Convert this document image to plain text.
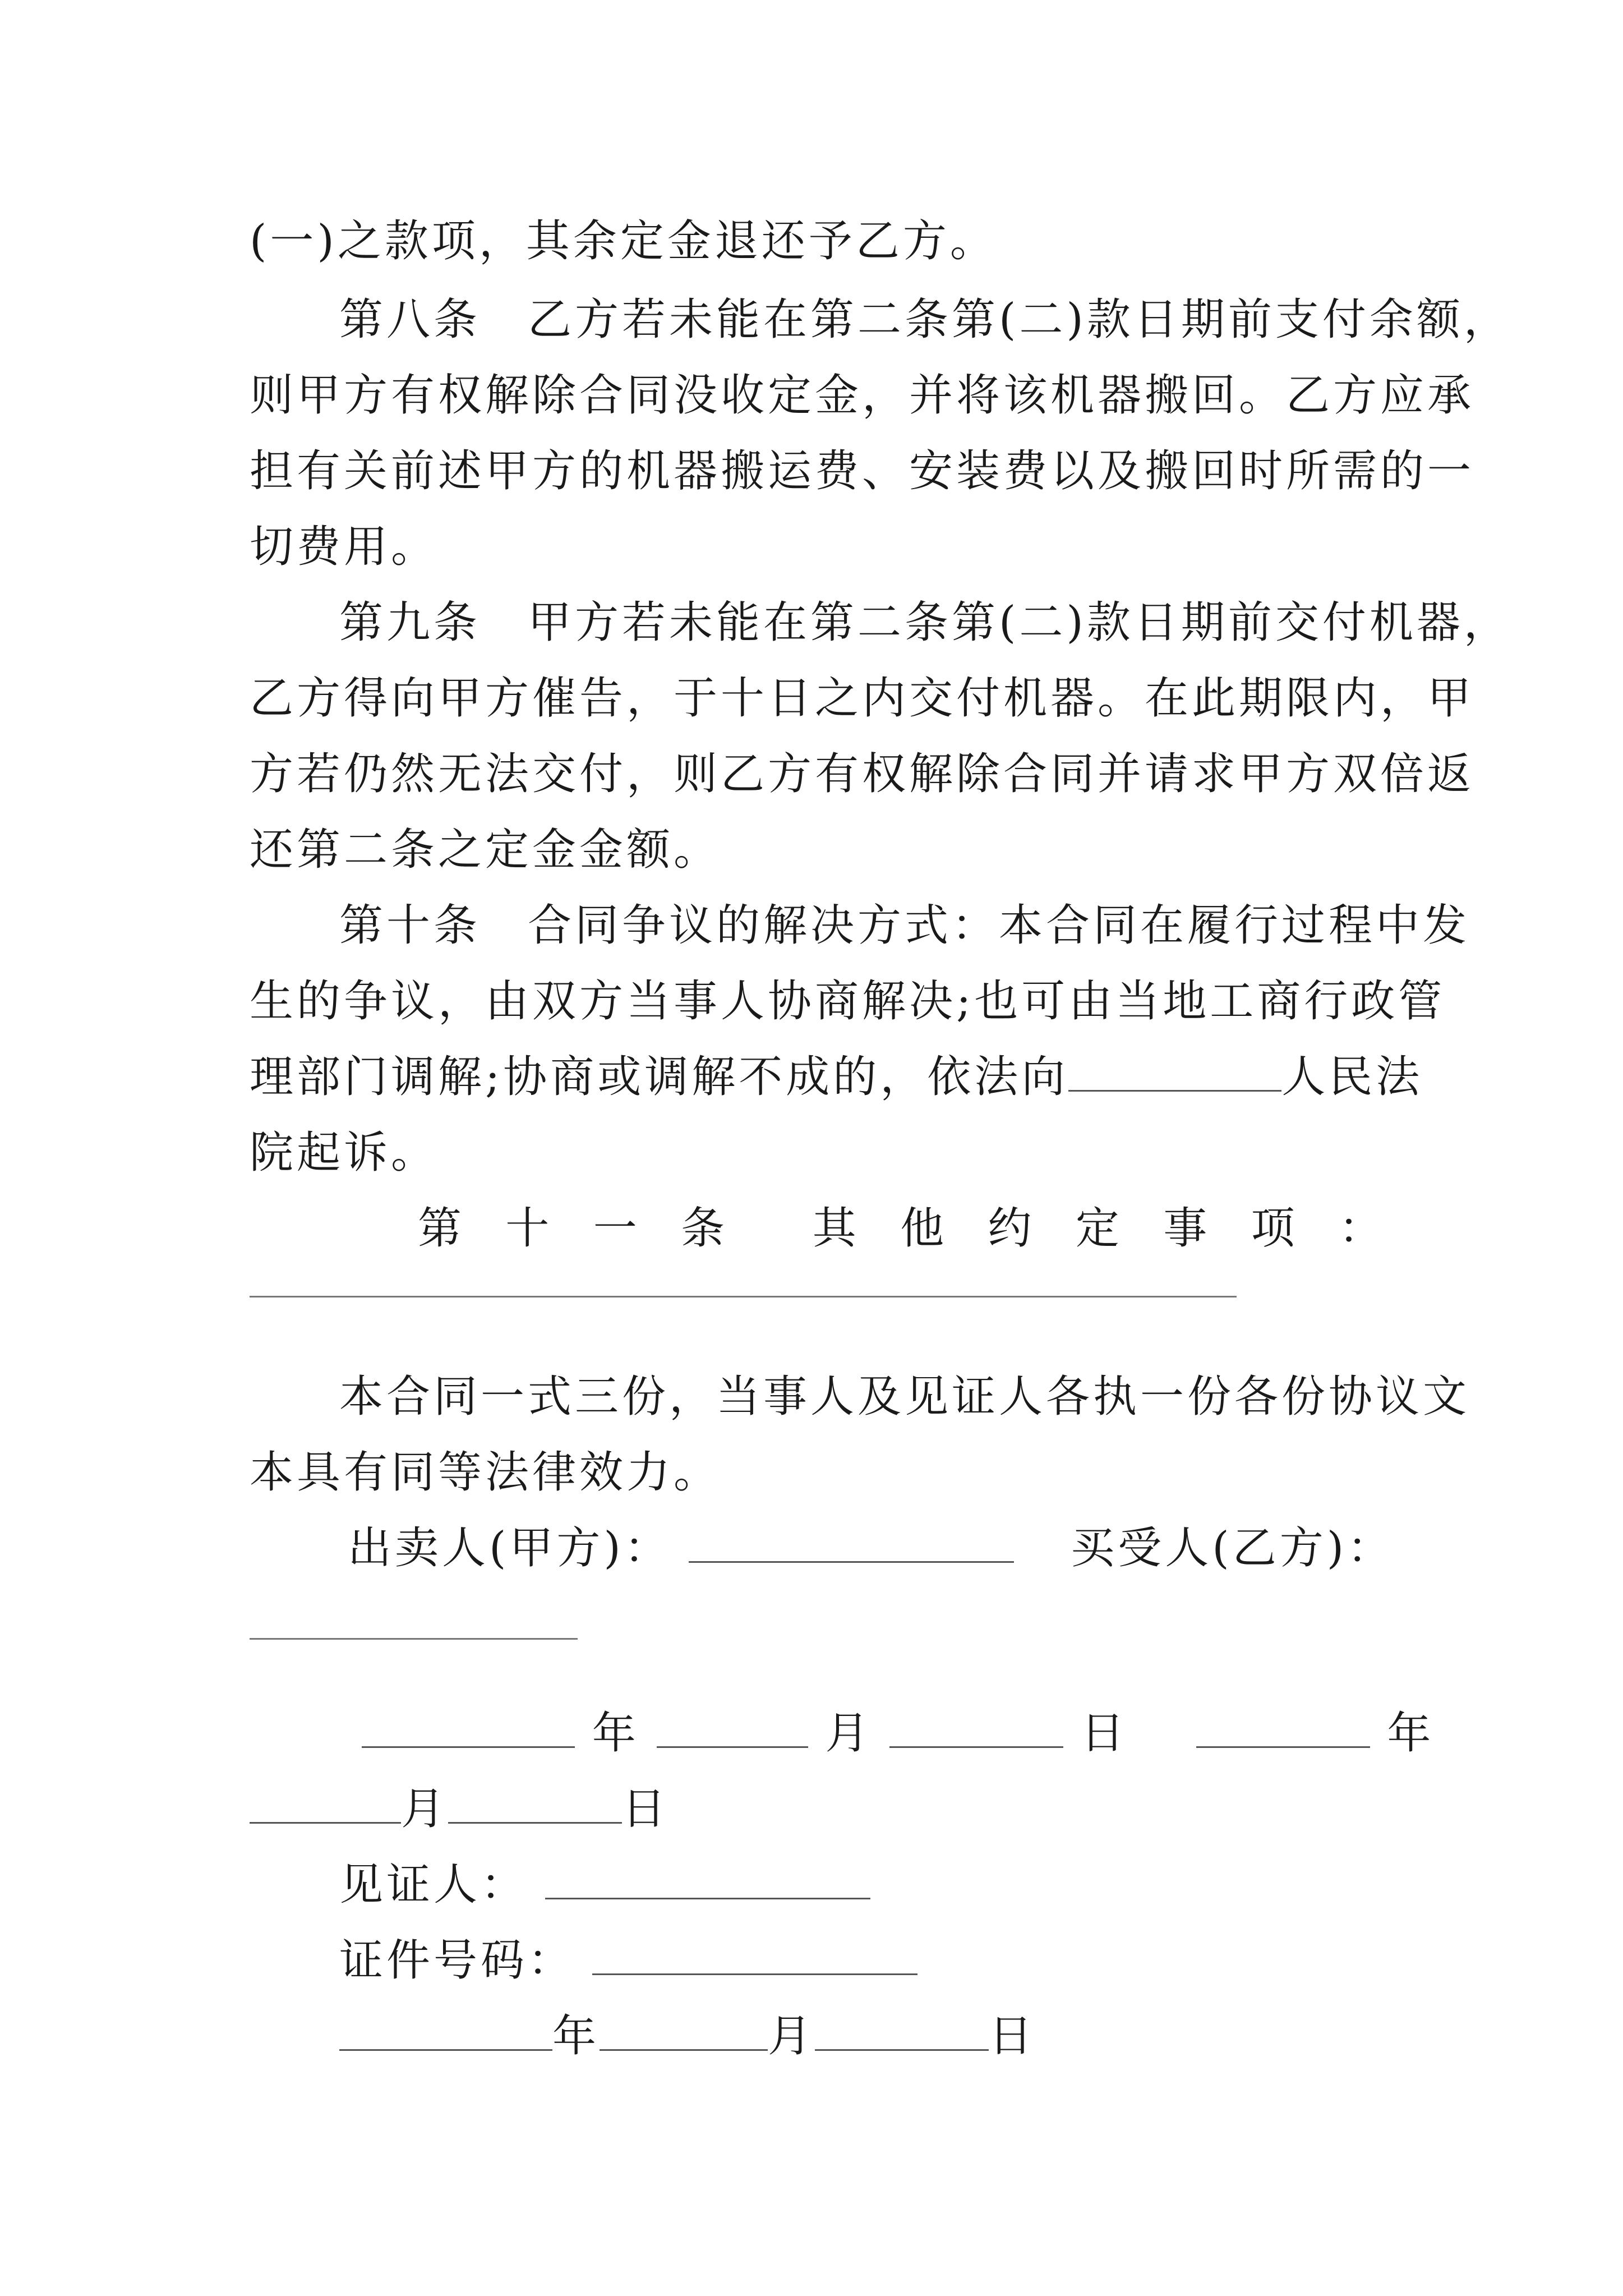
(一)之款项，其余定金退还予乙方。
第八条　乙方若未能在第二条第(二)款日期前支付余额，
则甲方有权解除合同没收定金，并将该机器搬回。乙方应承
担有关前述甲方的机器搬运费、安装费以及搬回时所需的一
切费用。
第九条　甲方若未能在第二条第(二)款日期前交付机器，
乙方得向甲方催告，于十日之内交付机器。在此期限内，甲
方若仍然无法交付，则乙方有权解除合同并请求甲方双倍返
还第二条之定金金额。
第十条　合同争议的解决方式：本合同在履行过程中发
生的争议，由双方当事人协商解决;也可由当地工商行政管
理部门调解;协商或调解不成的，依法向	人民法
院起诉。
第 十 一 条 其 他 约 定 事 项 ：
本合同一式三份，当事人及见证人各执一份各份协议文
本具有同等法律效力。
出卖人(甲方)：	买受人(乙方)：
年	月	日	年
月	日
见证人：
证件号码：
年	月	日
